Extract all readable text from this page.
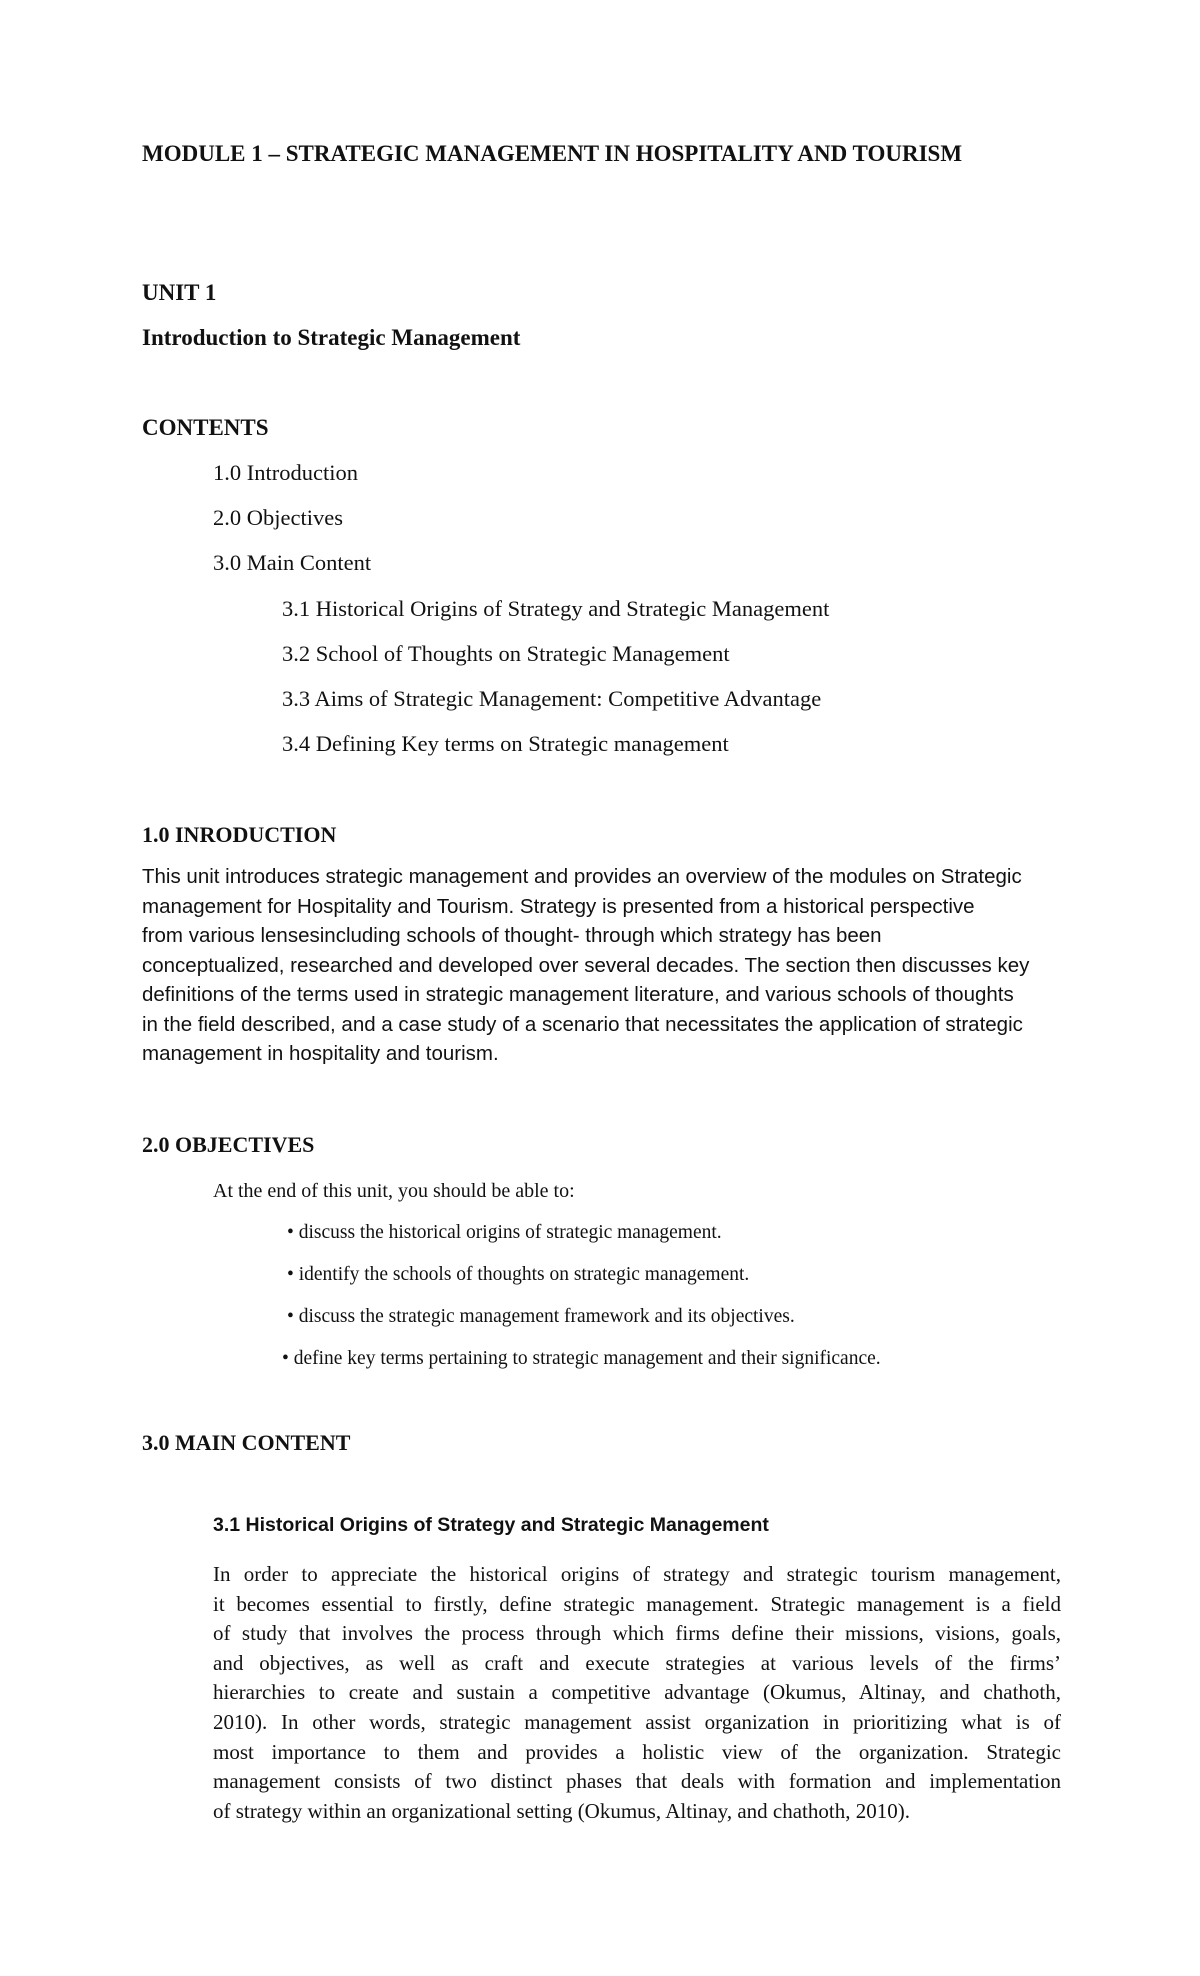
MODULE 1 – STRATEGIC MANAGEMENT IN HOSPITALITY AND TOURISM
UNIT 1
Introduction to Strategic Management
CONTENTS
1.0 Introduction
2.0 Objectives
3.0 Main Content
3.1 Historical Origins of Strategy and Strategic Management
3.2 School of Thoughts on Strategic Management
3.3 Aims of Strategic Management: Competitive Advantage
3.4 Defining Key terms on Strategic management
1.0 INRODUCTION
This unit introduces strategic management and provides an overview of the modules on Strategic
management for Hospitality and Tourism. Strategy is presented from a historical perspective
from various lensesincluding schools of thought- through which strategy has been
conceptualized, researched and developed over several decades. The section then discusses key
definitions of the terms used in strategic management literature, and various schools of thoughts
in the field described, and a case study of a scenario that necessitates the application of strategic
management in hospitality and tourism.
2.0 OBJECTIVES
At the end of this unit, you should be able to:
• discuss the historical origins of strategic management.
• identify the schools of thoughts on strategic management.
• discuss the strategic management framework and its objectives.
• define key terms pertaining to strategic management and their significance.
3.0 MAIN CONTENT
3.1 Historical Origins of Strategy and Strategic Management
In order to appreciate the historical origins of strategy and strategic tourism management,
it becomes essential to firstly, define strategic management. Strategic management is a field
of study that involves the process through which firms define their missions, visions, goals,
and objectives, as well as craft and execute strategies at various levels of the firms’
hierarchies to create and sustain a competitive advantage (Okumus, Altinay, and chathoth,
2010). In other words, strategic management assist organization in prioritizing what is of
most importance to them and provides a holistic view of the organization. Strategic
management consists of two distinct phases that deals with formation and implementation
of strategy within an organizational setting (Okumus, Altinay, and chathoth, 2010).
